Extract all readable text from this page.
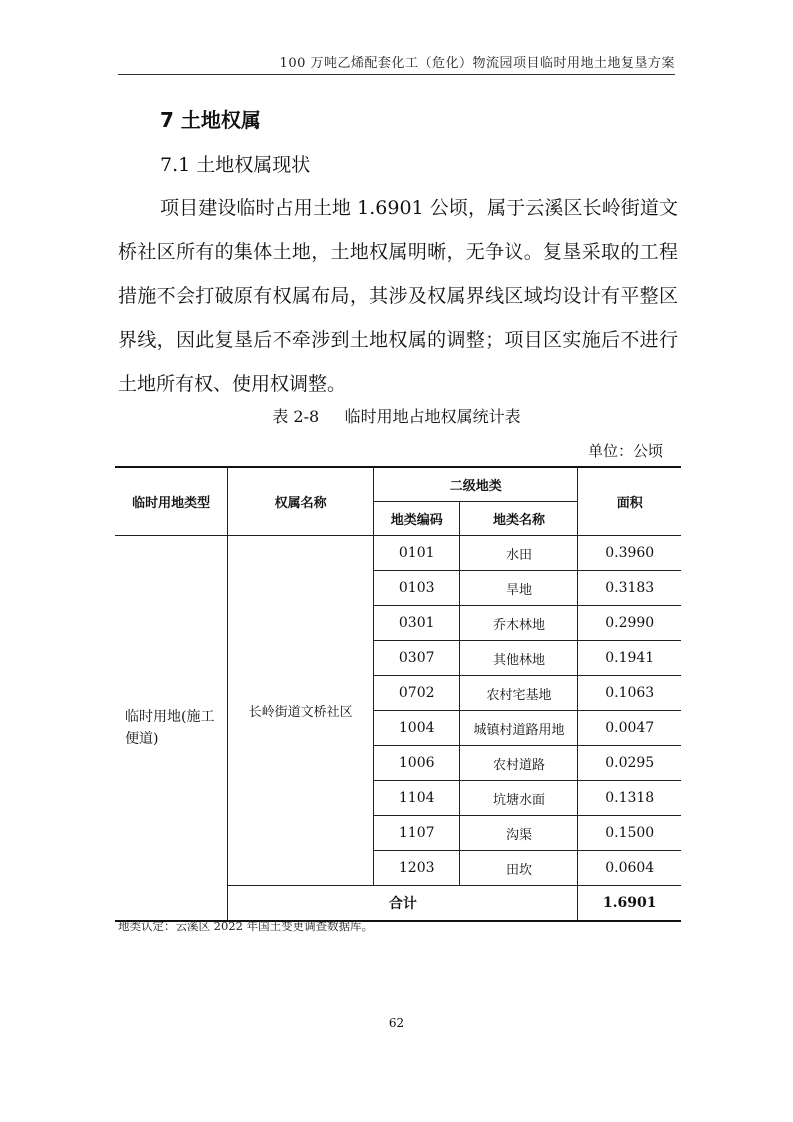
100 万吨乙烯配套化工（危化）物流园项目临时用地土地复垦方案
7 土地权属
7.1 土地权属现状

项目建设临时占用土地 1.6901 公顷，属于云溪区长岭街道文桥社区所有的集体土地，土地权属明晰，无争议。复垦采取的工程措施不会打破原有权属布局，其涉及权属界线区域均设计有平整区界线，因此复垦后不牵涉到土地权属的调整；项目区实施后不进行土地所有权、使用权调整。

表 2-8     临时用地占地权属统计表
单位：公顷
临时用地类型	权属名称	二级地类		面积
		地类编码	地类名称	
临时用地(施工便道)	长岭街道文桥社区	0101	水田	0.3960
		0103	旱地	0.3183
		0301	乔木林地	0.2990
		0307	其他林地	0.1941
		0702	农村宅基地	0.1063
		1004	城镇村道路用地	0.0047
		1006	农村道路	0.0295
		1104	坑塘水面	0.1318
		1107	沟渠	0.1500
		1203	田坎	0.0604
	合计			1.6901
地类认定：云溪区 2022 年国土变更调查数据库。
62
